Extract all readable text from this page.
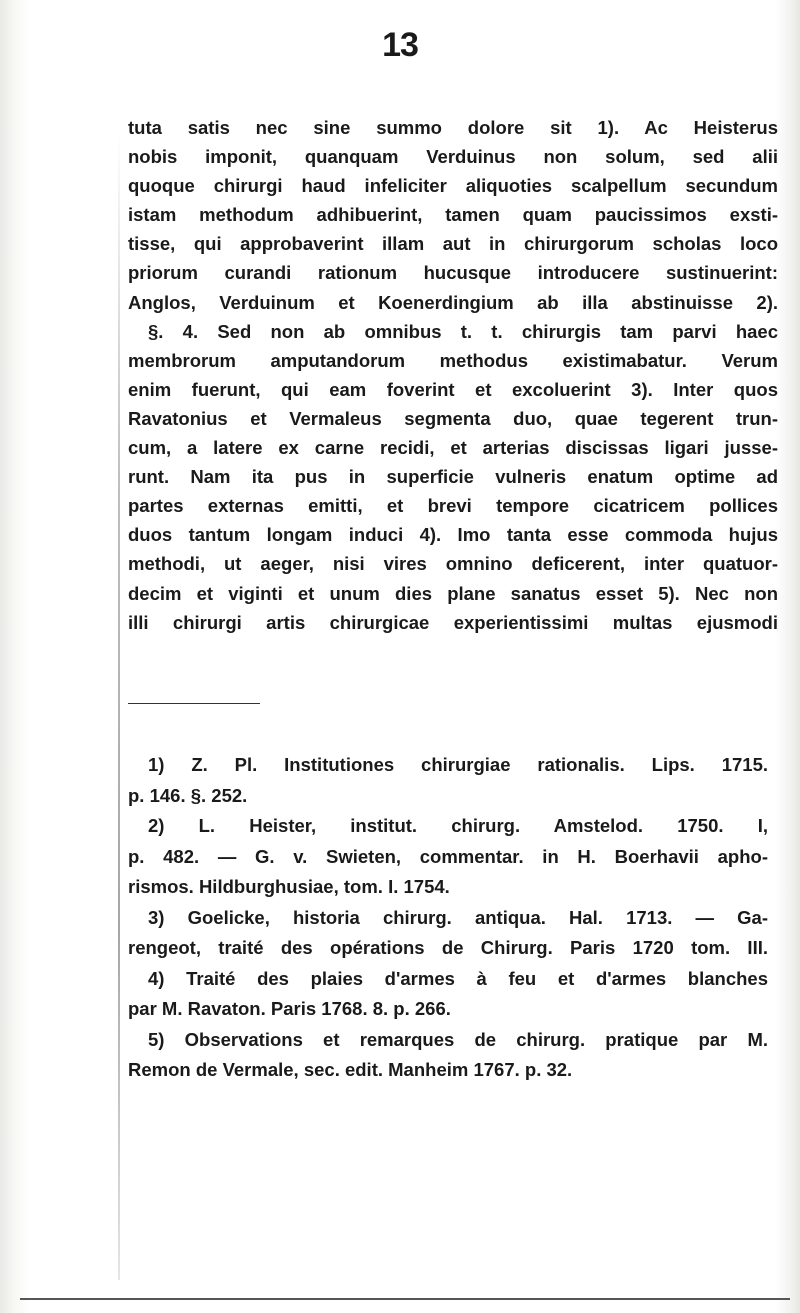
13
tuta satis nec sine summo dolore sit 1). Ac Heisterus
nobis imponit, quanquam Verduinus non solum, sed alii
quoque chirurgi haud infeliciter aliquoties scalpellum secundum
istam methodum adhibuerint, tamen quam paucissimos exsti-
tisse, qui approbaverint illam aut in chirurgorum scholas loco
priorum curandi rationum hucusque introducere sustinuerint:
Anglos, Verduinum et Koenerdingium ab illa abstinuisse 2).
§. 4. Sed non ab omnibus t. t. chirurgis tam parvi haec
membrorum amputandorum methodus existimabatur. Verum
enim fuerunt, qui eam foverint et excoluerint 3). Inter quos
Ravatonius et Vermaleus segmenta duo, quae tegerent trun-
cum, a latere ex carne recidi, et arterias discissas ligari jusse-
runt. Nam ita pus in superficie vulneris enatum optime ad
partes externas emitti, et brevi tempore cicatricem pollices
duos tantum longam induci 4). Imo tanta esse commoda hujus
methodi, ut aeger, nisi vires omnino deficerent, inter quatuor-
decim et viginti et unum dies plane sanatus esset 5). Nec non
illi chirurgi artis chirurgicae experientissimi multas ejusmodi
1) Z. Pl. Institutiones chirurgiae rationalis. Lips. 1715.
p. 146. §. 252.
2) L. Heister, institut. chirurg. Amstelod. 1750. I,
p. 482. — G. v. Swieten, commentar. in H. Boerhavii apho-
rismos. Hildburghusiae, tom. I. 1754.
3) Goelicke, historia chirurg. antiqua. Hal. 1713. — Ga-
rengeot, traité des opérations de Chirurg. Paris 1720 tom. III.
4) Traité des plaies d'armes à feu et d'armes blanches
par M. Ravaton. Paris 1768. 8. p. 266.
5) Observations et remarques de chirurg. pratique par M.
Remon de Vermale, sec. edit. Manheim 1767. p. 32.
